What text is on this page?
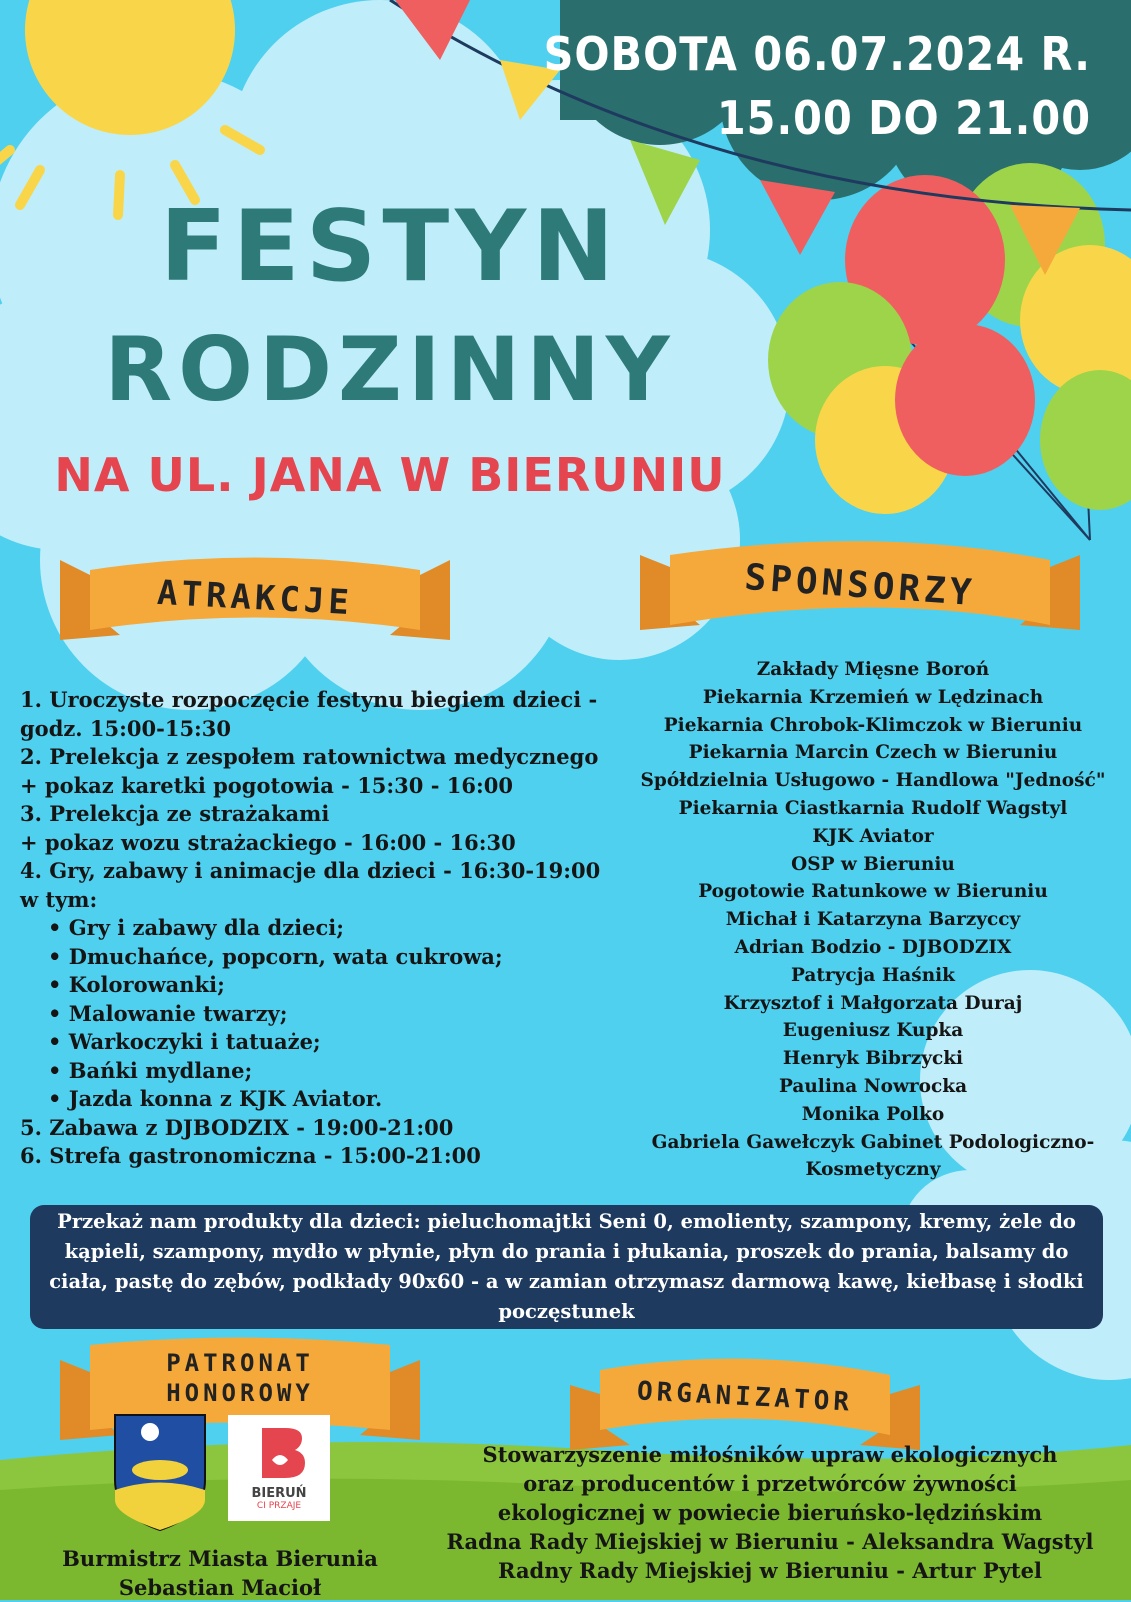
SOBOTA 06.07.2024 R.
15.00 DO 21.00
FESTYN
RODZINNY
NA UL. JANA W BIERUNIU
ATRAKCJE	SPONSORZY
PATRONAT
HONOROWY	ORGANIZATOR
1. Uroczyste rozpoczęcie festynu biegiem dzieci -
godz. 15:00-15:30
2. Prelekcja z zespołem ratownictwa medycznego
+ pokaz karetki pogotowia - 15:30 - 16:00
3. Prelekcja ze strażakami
+ pokaz wozu strażackiego - 16:00 - 16:30
4. Gry, zabawy i animacje dla dzieci - 16:30-19:00
w tym:
• Gry i zabawy dla dzieci;
• Dmuchańce, popcorn, wata cukrowa;
• Kolorowanki;
• Malowanie twarzy;
• Warkoczyki i tatuaże;
• Bańki mydlane;
• Jazda konna z KJK Aviator.
5. Zabawa z DJBODZIX - 19:00-21:00
6. Strefa gastronomiczna - 15:00-21:00
Zakłady Mięsne Boroń
Piekarnia Krzemień w Lędzinach
Piekarnia Chrobok-Klimczok w Bieruniu
Piekarnia Marcin Czech w Bieruniu
Spółdzielnia Usługowo - Handlowa "Jedność"
Piekarnia Ciastkarnia Rudolf Wagstyl
KJK Aviator
OSP w Bieruniu
Pogotowie Ratunkowe w Bieruniu
Michał i Katarzyna Barzyccy
Adrian Bodzio - DJBODZIX
Patrycja Haśnik
Krzysztof i Małgorzata Duraj
Eugeniusz Kupka
Henryk Bibrzycki
Paulina Nowrocka
Monika Polko
Gabriela Gawełczyk Gabinet Podologiczno-
Kosmetyczny
Przekaż nam produkty dla dzieci: pieluchomajtki Seni 0, emolienty, szampony, kremy, żele do
kąpieli, szampony, mydło w płynie, płyn do prania i płukania, proszek do prania, balsamy do
ciała, pastę do zębów, podkłady 90x60 - a w zamian otrzymasz darmową kawę, kiełbasę i słodki
poczęstunek
BIERUŃ
CI PRZAJE
Stowarzyszenie miłośników upraw ekologicznych
oraz producentów i przetwórców żywności
ekologicznej w powiecie bieruńsko-lędzińskim
Radna Rady Miejskiej w Bieruniu - Aleksandra Wagstyl
Radny Rady Miejskiej w Bieruniu - Artur Pytel
Burmistrz Miasta Bierunia
Sebastian Macioł
